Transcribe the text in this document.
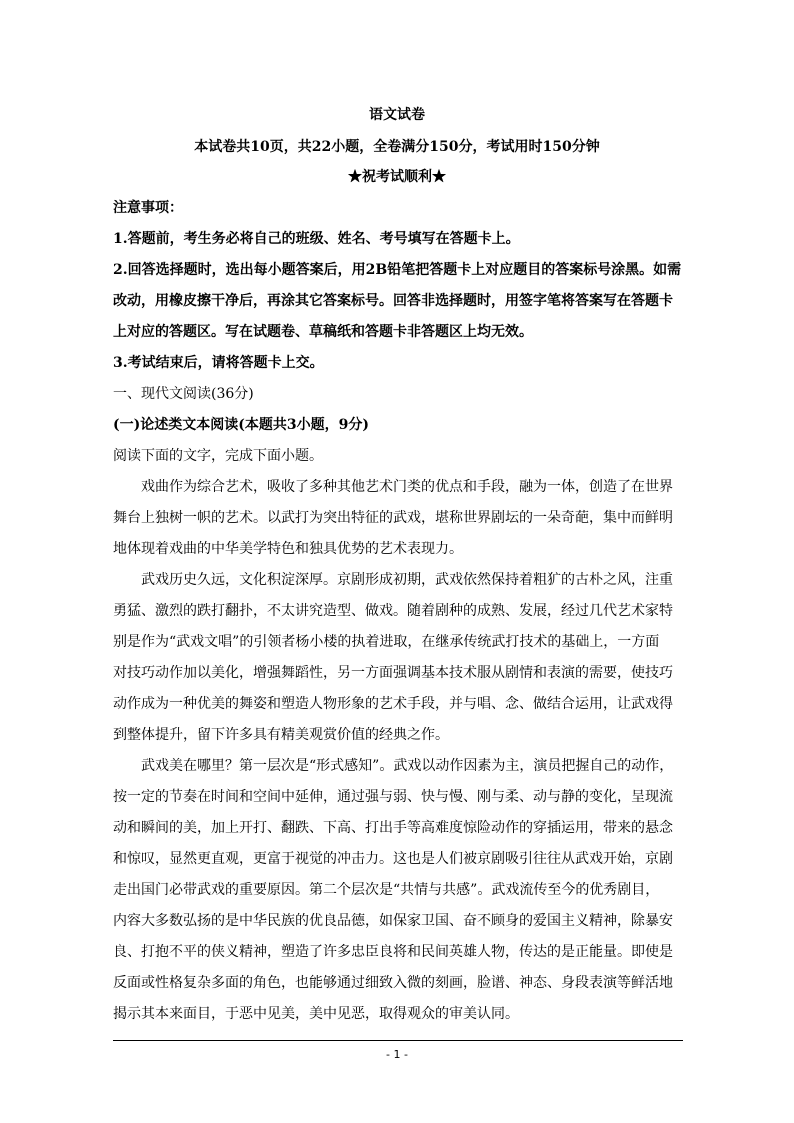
语文试卷
本试卷共10页，共22小题，全卷满分150分，考试用时150分钟
★祝考试顺利★
注意事项：
1.答题前，考生务必将自己的班级、姓名、考号填写在答题卡上。
2.回答选择题时，选出每小题答案后，用2B铅笔把答题卡上对应题目的答案标号涂黑。如需
改动，用橡皮擦干净后，再涂其它答案标号。回答非选择题时，用签字笔将答案写在答题卡
上对应的答题区。写在试题卷、草稿纸和答题卡非答题区上均无效。
3.考试结束后，请将答题卡上交。
一、现代文阅读(36分)
(一)论述类文本阅读(本题共3小题，9分)
阅读下面的文字，完成下面小题。
戏曲作为综合艺术，吸收了多种其他艺术门类的优点和手段，融为一体，创造了在世界
舞台上独树一帜的艺术。以武打为突出特征的武戏，堪称世界剧坛的一朵奇葩，集中而鲜明
地体现着戏曲的中华美学特色和独具优势的艺术表现力。
武戏历史久远，文化积淀深厚。京剧形成初期，武戏依然保持着粗犷的古朴之风，注重
勇猛、激烈的跌打翻扑，不太讲究造型、做戏。随着剧种的成熟、发展，经过几代艺术家特
别是作为“武戏文唱”的引领者杨小楼的执着进取，在继承传统武打技术的基础上，一方面
对技巧动作加以美化，增强舞蹈性，另一方面强调基本技术服从剧情和表演的需要，使技巧
动作成为一种优美的舞姿和塑造人物形象的艺术手段，并与唱、念、做结合运用，让武戏得
到整体提升，留下许多具有精美观赏价值的经典之作。
武戏美在哪里？第一层次是“形式感知”。武戏以动作因素为主，演员把握自己的动作，
按一定的节奏在时间和空间中延伸，通过强与弱、快与慢、刚与柔、动与静的变化，呈现流
动和瞬间的美，加上开打、翻跌、下高、打出手等高难度惊险动作的穿插运用，带来的悬念
和惊叹，显然更直观，更富于视觉的冲击力。这也是人们被京剧吸引往往从武戏开始，京剧
走出国门必带武戏的重要原因。第二个层次是“共情与共感”。武戏流传至今的优秀剧目，
内容大多数弘扬的是中华民族的优良品德，如保家卫国、奋不顾身的爱国主义精神，除暴安
良、打抱不平的侠义精神，塑造了许多忠臣良将和民间英雄人物，传达的是正能量。即使是
反面或性格复杂多面的角色，也能够通过细致入微的刻画，脸谱、神态、身段表演等鲜活地
揭示其本来面目，于恶中见美，美中见恶，取得观众的审美认同。
- 1 -
